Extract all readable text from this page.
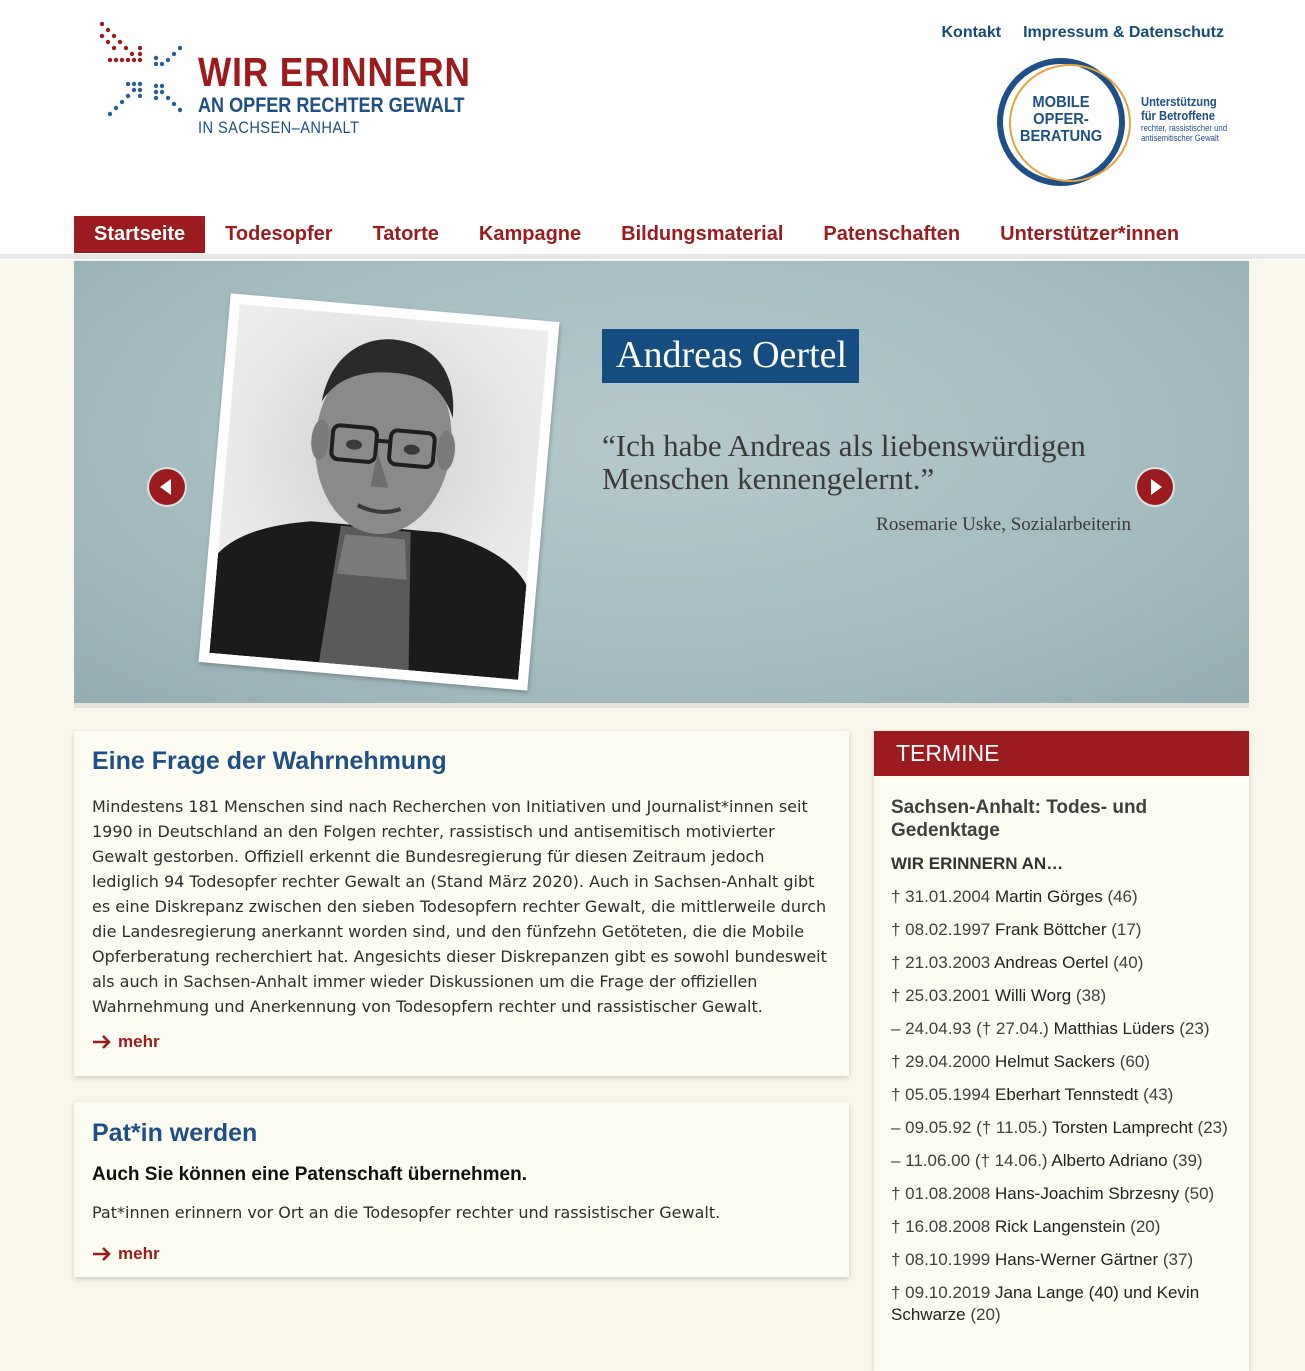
WIR ERINNERN
AN OPFER RECHTER GEWALT
IN SACHSEN–ANHALT
Kontakt Impressum & Datenschutz
MOBILE
OPFER-
BERATUNG
Unterstützung
für Betroffene
rechter, rassistischer und
antisemitischer Gewalt
Startseite	Todesopfer	Tatorte	Kampagne	Bildungsmaterial	Patenschaften	Unterstützer*innen
Andreas Oertel
“Ich habe Andreas als liebenswürdigen Menschen kennengelernt.”
Rosemarie Uske, Sozialarbeiterin
Eine Frage der Wahrnehmung

Mindestens 181 Menschen sind nach Recherchen von Initiativen und Journalist*innen seit 1990 in Deutschland an den Folgen rechter, rassistisch und antisemitisch motivierter Gewalt gestorben. Offiziell erkennt die Bundesregierung für diesen Zeitraum jedoch lediglich 94 Todesopfer rechter Gewalt an (Stand März 2020). Auch in Sachsen-Anhalt gibt es eine Diskrepanz zwischen den sieben Todesopfern rechter Gewalt, die mittlerweile durch die Landesregierung anerkannt worden sind, und den fünfzehn Getöteten, die die Mobile Opferberatung recherchiert hat. Angesichts dieser Diskrepanzen gibt es sowohl bundesweit als auch in Sachsen-Anhalt immer wieder Diskussionen um die Frage der offiziellen Wahrnehmung und Anerkennung von Todesopfern rechter und rassistischer Gewalt.

mehr
Pat*in werden
Auch Sie können eine Patenschaft übernehmen.

Pat*innen erinnern vor Ort an die Todesopfer rechter und rassistischer Gewalt.

mehr
TERMINE
Sachsen-Anhalt: Todes- und Gedenktage
WIR ERINNERN AN…
† 31.01.2004 Martin Görges (46)
† 08.02.1997 Frank Böttcher (17)
† 21.03.2003 Andreas Oertel (40)
† 25.03.2001 Willi Worg (38)
– 24.04.93 († 27.04.) Matthias Lüders (23)
† 29.04.2000 Helmut Sackers (60)
† 05.05.1994 Eberhart Tennstedt (43)
– 09.05.92 († 11.05.) Torsten Lamprecht (23)
– 11.06.00 († 14.06.) Alberto Adriano (39)
† 01.08.2008 Hans-Joachim Sbrzesny (50)
† 16.08.2008 Rick Langenstein (20)
† 08.10.1999 Hans-Werner Gärtner (37)
† 09.10.2019 Jana Lange (40) und Kevin Schwarze (20)
